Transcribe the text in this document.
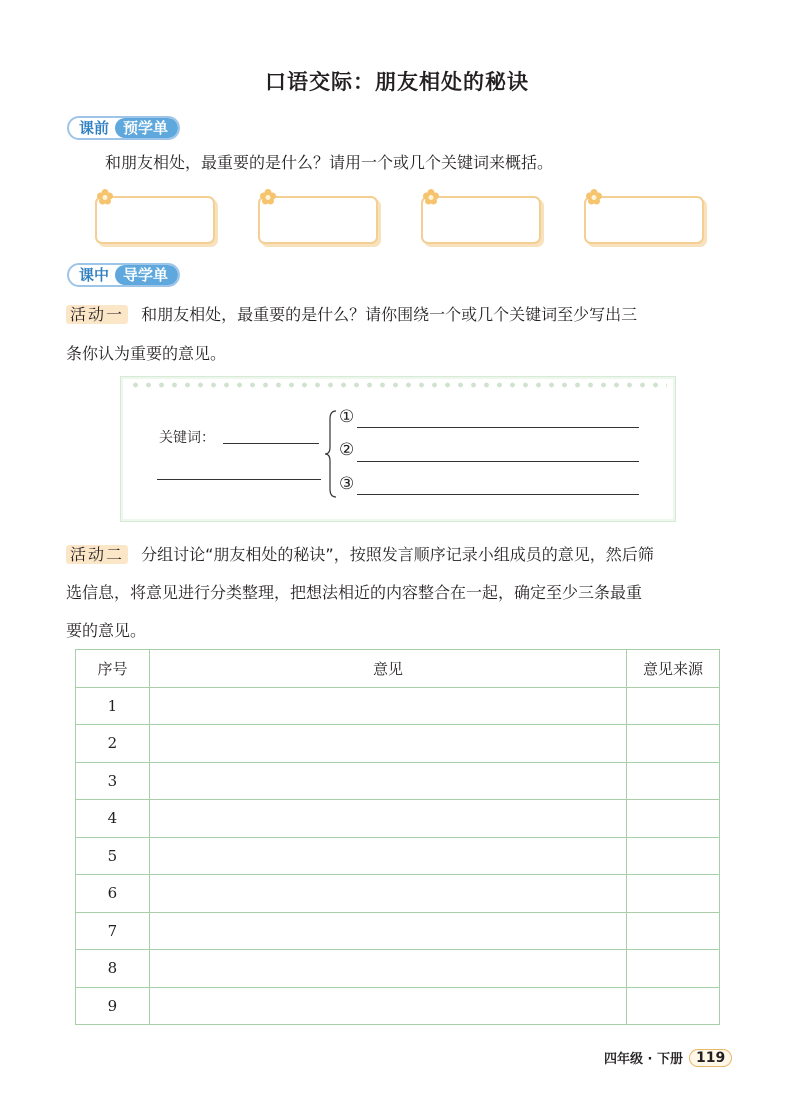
口语交际：朋友相处的秘诀
课前 预学单
和朋友相处，最重要的是什么？请用一个或几个关键词来概括。
课中 导学单
活动一 和朋友相处，最重要的是什么？请你围绕一个或几个关键词至少写出三
条你认为重要的意见。
关键词：
①
②
③
活动二 分组讨论“朋友相处的秘诀”，按照发言顺序记录小组成员的意见，然后筛
选信息，将意见进行分类整理，把想法相近的内容整合在一起，确定至少三条最重
要的意见。
序号	意见	意见来源
1		
2		
3		
4		
5		
6		
7		
8		
9		
四年级 · 下册 119
